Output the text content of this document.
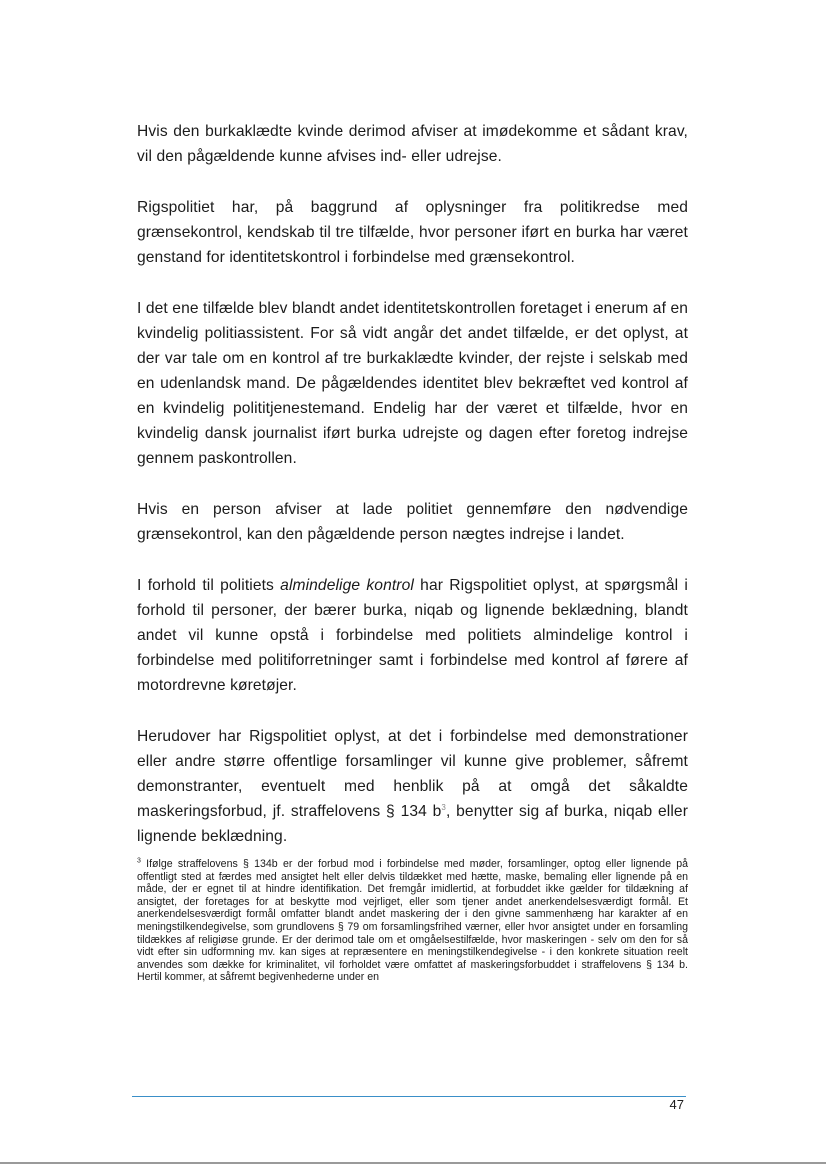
Hvis den burkaklædte kvinde derimod afviser at imødekomme et sådant krav, vil den pågældende kunne afvises ind- eller udrejse.

Rigspolitiet har, på baggrund af oplysninger fra politikredse med grænsekontrol, kendskab til tre tilfælde, hvor personer iført en burka har været genstand for identitetskontrol i forbindelse med grænsekontrol.

I det ene tilfælde blev blandt andet identitetskontrollen foretaget i enerum af en kvindelig politiassistent. For så vidt angår det andet tilfælde, er det oplyst, at der var tale om en kontrol af tre burkaklædte kvinder, der rejste i selskab med en udenlandsk mand. De pågældendes identitet blev bekræftet ved kontrol af en kvindelig polititjenestemand. Endelig har der været et tilfælde, hvor en kvindelig dansk journalist iført burka udrejste og dagen efter foretog indrejse gennem paskontrollen.

Hvis en person afviser at lade politiet gennemføre den nødvendige grænsekontrol, kan den pågældende person nægtes indrejse i landet.

I forhold til politiets almindelige kontrol har Rigspolitiet oplyst, at spørgsmål i forhold til personer, der bærer burka, niqab og lignende beklædning, blandt andet vil kunne opstå i forbindelse med politiets almindelige kontrol i forbindelse med politiforretninger samt i forbindelse med kontrol af førere af motordrevne køretøjer.

Herudover har Rigspolitiet oplyst, at det i forbindelse med demonstrationer eller andre større offentlige forsamlinger vil kunne give problemer, såfremt demonstranter, eventuelt med henblik på at omgå det såkaldte maskeringsforbud, jf. straffelovens § 134 $b^3$, benytter sig af burka, niqab eller lignende beklædning.

$^3$ Ifølge straffelovens § 134b er der forbud mod i forbindelse med møder, forsamlinger, optog eller lignende på offentligt sted at færdes med ansigtet helt eller delvis tildækket med hætte, maske, bemaling eller lignende på en måde, der er egnet til at hindre identifikation. Det fremgår imidlertid, at forbuddet ikke gælder for tildækning af ansigtet, der foretages for at beskytte mod vejrliget, eller som tjener andet anerkendelsesværdigt formål. Et anerkendelsesværdigt formål omfatter blandt andet maskering der i den givne sammenhæng har karakter af en meningstilkendegivelse, som grundlovens § 79 om forsamlingsfrihed værner, eller hvor ansigtet under en forsamling tildækkes af religiøse grunde. Er der derimod tale om et omgåelsestilfælde, hvor maskeringen - selv om den for så vidt efter sin udformning mv. kan siges at repræsentere en meningstilkendegivelse - i den konkrete situation reelt anvendes som dække for kriminalitet, vil forholdet være omfattet af maskeringsforbuddet i straffelovens § 134 b. Hertil kommer, at såfremt begivenhederne under en
47
